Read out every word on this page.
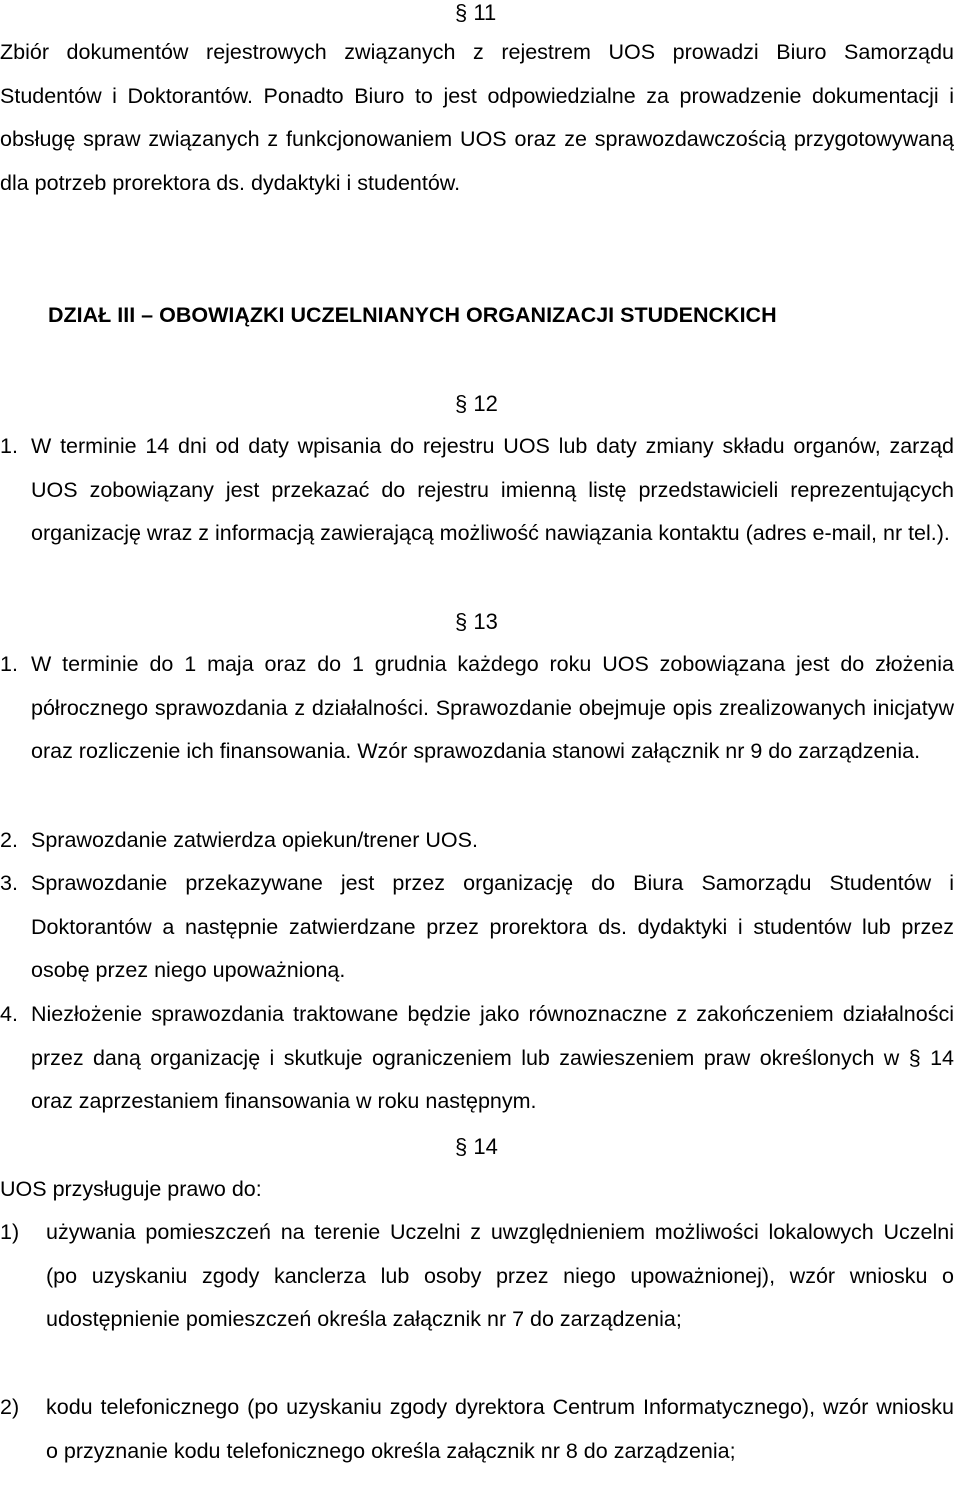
§ 11

Zbiór dokumentów rejestrowych związanych z rejestrem UOS prowadzi Biuro Samorządu Studentów i Doktorantów. Ponadto Biuro to jest odpowiedzialne za prowadzenie dokumentacji i obsługę spraw związanych z funkcjonowaniem UOS oraz ze sprawozdawczością przygotowywaną dla potrzeb prorektora ds. dydaktyki i studentów.

DZIAŁ III – OBOWIĄZKI UCZELNIANYCH ORGANIZACJI STUDENCKICH
§ 12
1. W terminie 14 dni od daty wpisania do rejestru UOS lub daty zmiany składu organów, zarząd UOS zobowiązany jest przekazać do rejestru imienną listę przedstawicieli reprezentujących organizację wraz z informacją zawierającą możliwość nawiązania kontaktu (adres e-mail, nr tel.).

§ 13
1. W terminie do 1 maja oraz do 1 grudnia każdego roku UOS zobowiązana jest do złożenia półrocznego sprawozdania z działalności. Sprawozdanie obejmuje opis zrealizowanych inicjatyw oraz rozliczenie ich finansowania. Wzór sprawozdania stanowi załącznik nr 9 do zarządzenia.

2. Sprawozdanie zatwierdza opiekun/trener UOS.

3. Sprawozdanie przekazywane jest przez organizację do Biura Samorządu Studentów i Doktorantów a następnie zatwierdzane przez prorektora ds. dydaktyki i studentów lub przez osobę przez niego upoważnioną.

4. Niezłożenie sprawozdania traktowane będzie jako równoznaczne z zakończeniem działalności przez daną organizację i skutkuje ograniczeniem lub zawieszeniem praw określonych w § 14 oraz zaprzestaniem finansowania w roku następnym.

§ 14

UOS przysługuje prawo do:

1) używania pomieszczeń na terenie Uczelni z uwzględnieniem możliwości lokalowych Uczelni (po uzyskaniu zgody kanclerza lub osoby przez niego upoważnionej), wzór wniosku o udostępnienie pomieszczeń określa załącznik nr 7 do zarządzenia;

2) kodu telefonicznego (po uzyskaniu zgody dyrektora Centrum Informatycznego), wzór wniosku o przyznanie kodu telefonicznego określa załącznik nr 8 do zarządzenia;
